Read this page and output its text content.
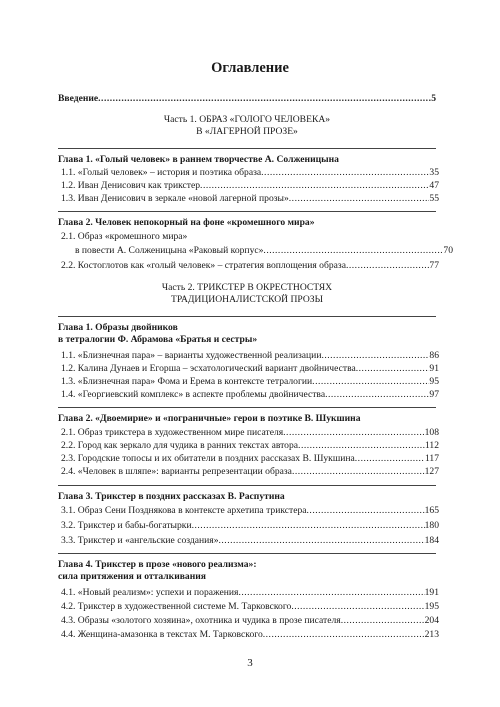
Оглавление
Введение .....	5
Часть 1. ОБРАЗ «ГОЛОГО ЧЕЛОВЕКА»
В «ЛАГЕРНОЙ ПРОЗЕ»
Глава 1. «Голый человек» в раннем творчестве А. Солженицына
1.1. «Голый человек» – история и поэтика образа .....	35
1.2. Иван Денисович как трикстер .....	47
1.3. Иван Денисович в зеркале «новой лагерной прозы» .....	55
Глава 2. Человек непокорный на фоне «кромешного мира»
2.1. Образ «кромешного мира»
в повести А. Солженицына «Раковый корпус» .....	70
2.2. Костоглотов как «голый человек» – стратегия воплощения образа .....	77
Часть 2. ТРИКСТЕР В ОКРЕСТНОСТЯХ
ТРАДИЦИОНАЛИСТСКОЙ ПРОЗЫ
Глава 1. Образы двойников
в тетралогии Ф. Абрамова «Братья и сестры»
1.1. «Близнечная пара» – варианты художественной реализации .....	86
1.2. Калина Дунаев и Егорша – эсхатологический вариант двойничества .....	91
1.3. «Близнечная пара» Фома и Ерема в контексте тетралогии .....	95
1.4. «Георгиевский комплекс» в аспекте проблемы двойничества .....	97
Глава 2. «Двоемирие» и «пограничные» герои в поэтике В. Шукшина
2.1. Образ трикстера в художественном мире писателя .....	108
2.2. Город как зеркало для чудика в ранних текстах автора .....	112
2.3. Городские топосы и их обитатели в поздних рассказах В. Шукшина .....	117
2.4. «Человек в шляпе»: варианты репрезентации образа .....	127
Глава 3. Трикстер в поздних рассказах В. Распутина
3.1. Образ Сени Позднякова в контексте архетипа трикстера .....	165
3.2. Трикстер и бабы-богатырки .....	180
3.3. Трикстер и «ангельские создания» .....	184
Глава 4. Трикстер в прозе «нового реализма»:
сила притяжения и отталкивания
4.1. «Новый реализм»: успехи и поражения .....	191
4.2. Трикстер в художественной системе М. Тарковского .....	195
4.3. Образы «золотого хозяина», охотника и чудика в прозе писателя .....	204
4.4. Женщина-амазонка в текстах М. Тарковского .....	213
3
